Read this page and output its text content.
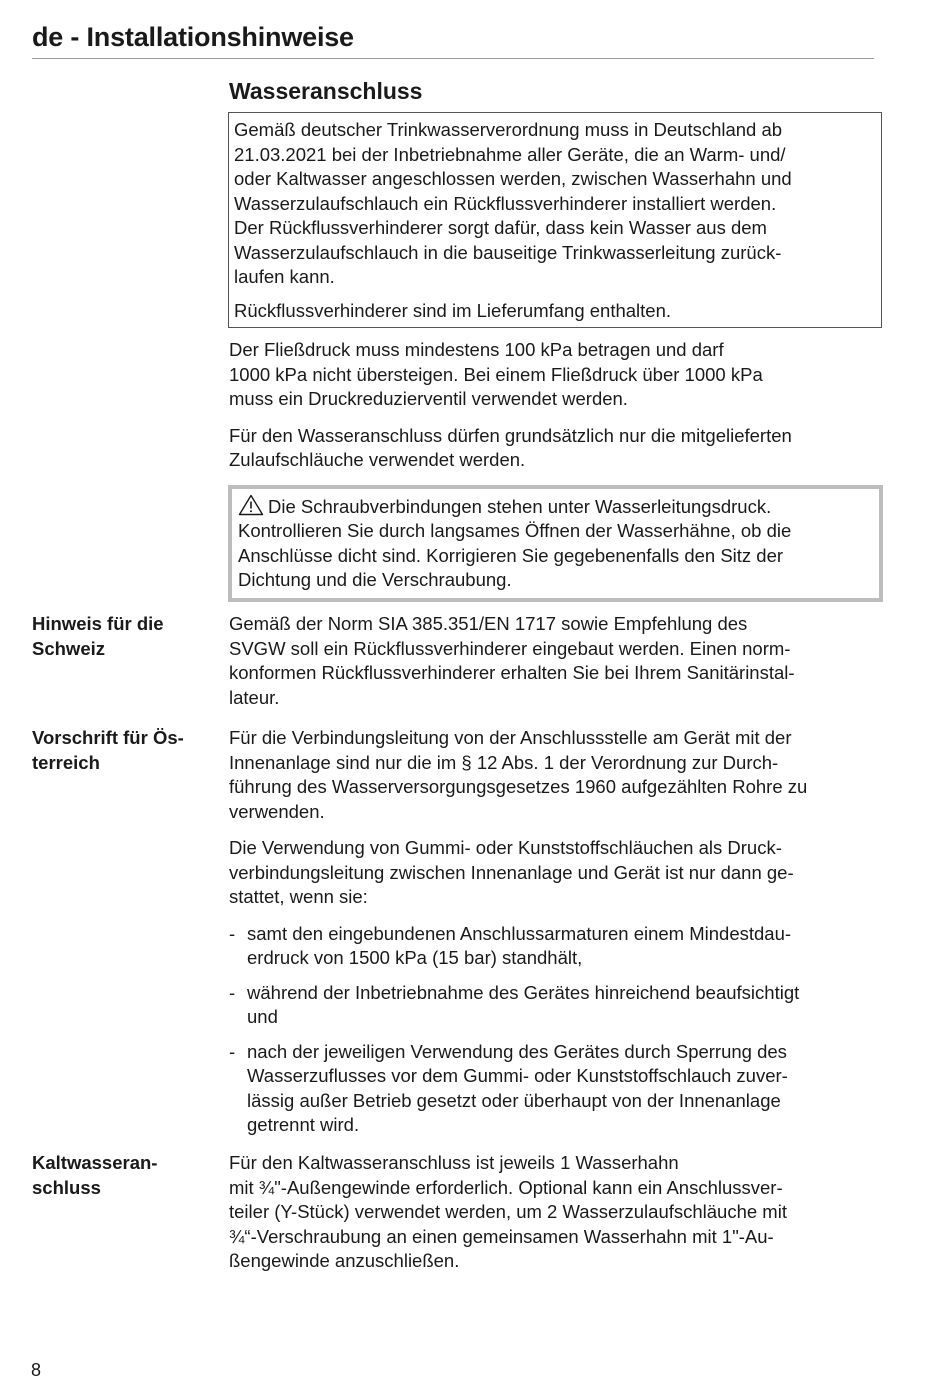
de - Installationshinweise
Wasseranschluss

Gemäß deutscher Trinkwasserverordnung muss in Deutschland ab
21.03.2021 bei der Inbetriebnahme aller Geräte, die an Warm- und/
oder Kaltwasser angeschlossen werden, zwischen Wasserhahn und
Wasserzulaufschlauch ein Rückflussverhinderer installiert werden.
Der Rückflussverhinderer sorgt dafür, dass kein Wasser aus dem
Wasserzulaufschlauch in die bauseitige Trinkwasserleitung zurück-
laufen kann.

Rückflussverhinderer sind im Lieferumfang enthalten.

Der Fließdruck muss mindestens 100 kPa betragen und darf
1000 kPa nicht übersteigen. Bei einem Fließdruck über 1000 kPa
muss ein Druckreduzierventil verwendet werden.

Für den Wasseranschluss dürfen grundsätzlich nur die mitgelieferten
Zulaufschläuche verwendet werden.

Die Schraubverbindungen stehen unter Wasserleitungsdruck.
Kontrollieren Sie durch langsames Öffnen der Wasserhähne, ob die
Anschlüsse dicht sind. Korrigieren Sie gegebenenfalls den Sitz der
Dichtung und die Verschraubung.

Hinweis für die
Schweiz

Gemäß der Norm SIA 385.351/EN 1717 sowie Empfehlung des
SVGW soll ein Rückflussverhinderer eingebaut werden. Einen norm-
konformen Rückflussverhinderer erhalten Sie bei Ihrem Sanitärinstal-
lateur.

Vorschrift für Ös-
terreich

Für die Verbindungsleitung von der Anschlussstelle am Gerät mit der
Innenanlage sind nur die im § 12 Abs. 1 der Verordnung zur Durch-
führung des Wasserversorgungsgesetzes 1960 aufgezählten Rohre zu
verwenden.

Die Verwendung von Gummi- oder Kunststoffschläuchen als Druck-
verbindungsleitung zwischen Innenanlage und Gerät ist nur dann ge-
stattet, wenn sie:

- samt den eingebundenen Anschlussarmaturen einem Mindestdau-
erdruck von 1500 kPa (15 bar) standhält,
- während der Inbetriebnahme des Gerätes hinreichend beaufsichtigt
und
- nach der jeweiligen Verwendung des Gerätes durch Sperrung des
Wasserzuflusses vor dem Gummi- oder Kunststoffschlauch zuver-
lässig außer Betrieb gesetzt oder überhaupt von der Innenanlage
getrennt wird.
Kaltwasseran-
schluss

Für den Kaltwasseranschluss ist jeweils 1 Wasserhahn
mit ¾"-Außengewinde erforderlich. Optional kann ein Anschlussver-
teiler (Y-Stück) verwendet werden, um 2 Wasserzulaufschläuche mit
¾“-Verschraubung an einen gemeinsamen Wasserhahn mit 1"-Au-
ßengewinde anzuschließen.

8
